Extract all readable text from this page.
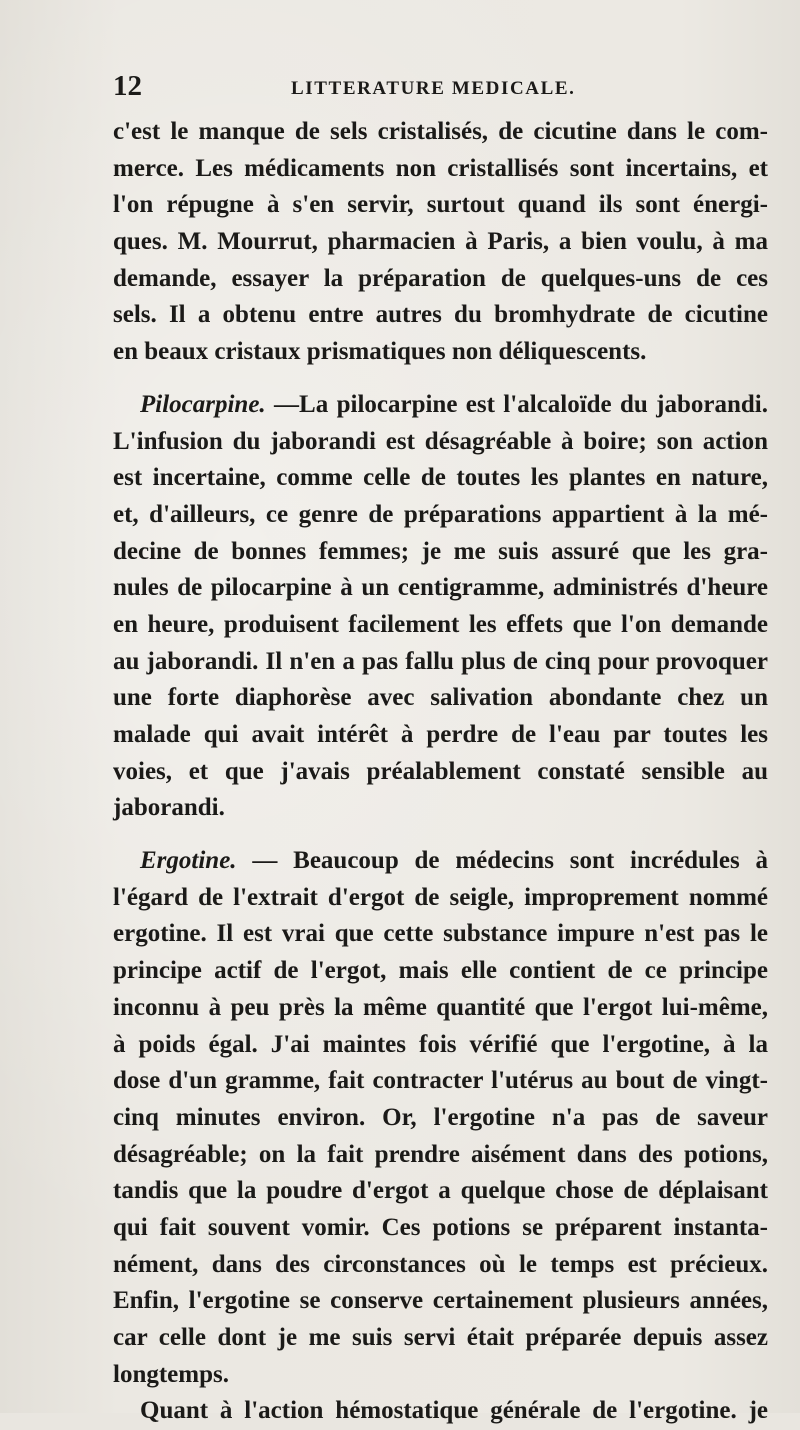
12	LITTERATURE MEDICALE.
c'est le manque de sels cristalisés, de cicutine dans le com-
merce. Les médicaments non cristallisés sont incertains, et
l'on répugne à s'en servir, surtout quand ils sont énergi-
ques. M. Mourrut, pharmacien à Paris, a bien voulu, à ma
demande, essayer la préparation de quelques-uns de ces
sels. Il a obtenu entre autres du bromhydrate de cicutine
en beaux cristaux prismatiques non déliquescents.
Pilocarpine. —La pilocarpine est l'alcaloïde du jaborandi.
L'infusion du jaborandi est désagréable à boire; son action
est incertaine, comme celle de toutes les plantes en nature,
et, d'ailleurs, ce genre de préparations appartient à la mé-
decine de bonnes femmes; je me suis assuré que les gra-
nules de pilocarpine à un centigramme, administrés d'heure
en heure, produisent facilement les effets que l'on demande
au jaborandi. Il n'en a pas fallu plus de cinq pour provoquer
une forte diaphorèse avec salivation abondante chez un
malade qui avait intérêt à perdre de l'eau par toutes les
voies, et que j'avais préalablement constaté sensible au
jaborandi.
Ergotine. — Beaucoup de médecins sont incrédules à
l'égard de l'extrait d'ergot de seigle, improprement nommé
ergotine. Il est vrai que cette substance impure n'est pas le
principe actif de l'ergot, mais elle contient de ce principe
inconnu à peu près la même quantité que l'ergot lui-même,
à poids égal. J'ai maintes fois vérifié que l'ergotine, à la
dose d'un gramme, fait contracter l'utérus au bout de vingt-
cinq minutes environ. Or, l'ergotine n'a pas de saveur
désagréable; on la fait prendre aisément dans des potions,
tandis que la poudre d'ergot a quelque chose de déplaisant
qui fait souvent vomir. Ces potions se préparent instanta-
nément, dans des circonstances où le temps est précieux.
Enfin, l'ergotine se conserve certainement plusieurs années,
car celle dont je me suis servi était préparée depuis assez
longtemps.
Quant à l'action hémostatique générale de l'ergotine. je
